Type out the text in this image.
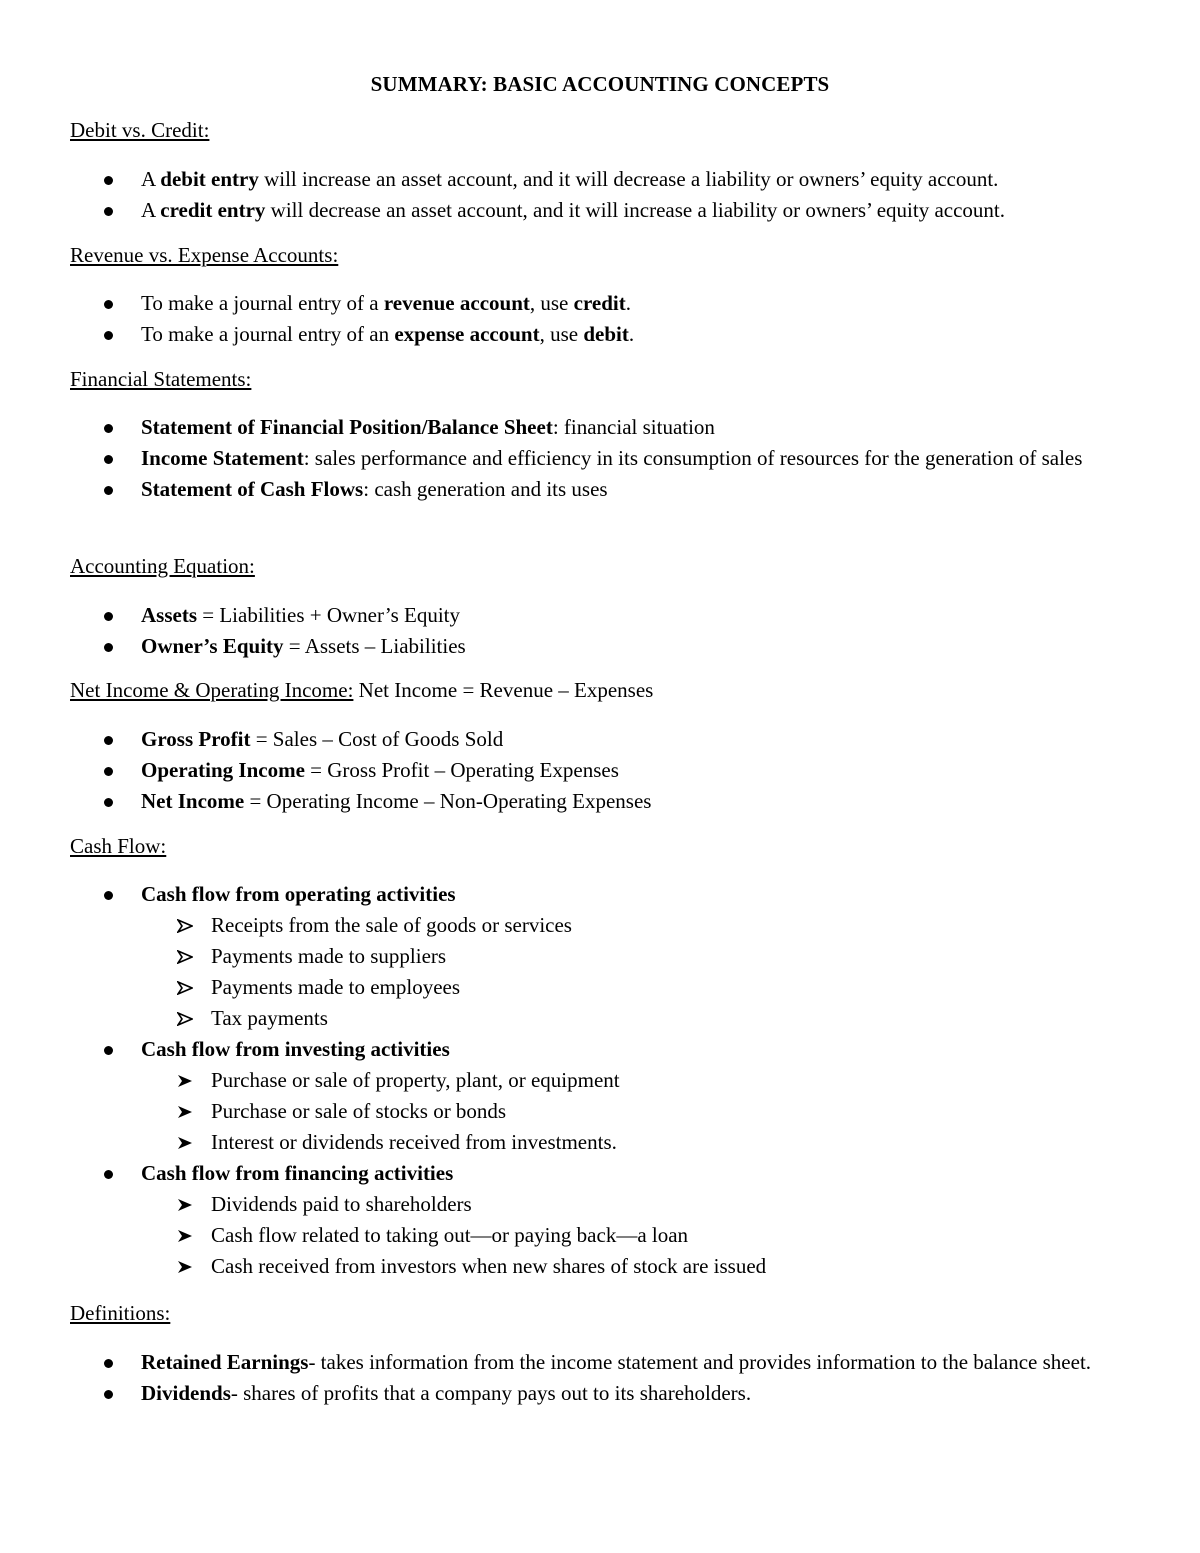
SUMMARY: BASIC ACCOUNTING CONCEPTS
Debit vs. Credit:
A debit entry will increase an asset account, and it will decrease a liability or owners’ equity account.
A credit entry will decrease an asset account, and it will increase a liability or owners’ equity account.
Revenue vs. Expense Accounts:
To make a journal entry of a revenue account, use credit.
To make a journal entry of an expense account, use debit.
Financial Statements:
Statement of Financial Position/Balance Sheet: financial situation
Income Statement: sales performance and efficiency in its consumption of resources for the generation of sales
Statement of Cash Flows: cash generation and its uses
Accounting Equation:
Assets = Liabilities + Owner’s Equity
Owner’s Equity = Assets – Liabilities
Net Income & Operating Income: Net Income = Revenue – Expenses
Gross Profit = Sales – Cost of Goods Sold
Operating Income = Gross Profit – Operating Expenses
Net Income = Operating Income – Non-Operating Expenses
Cash Flow:
Cash flow from operating activities
Receipts from the sale of goods or services
Payments made to suppliers
Payments made to employees
Tax payments
Cash flow from investing activities
Purchase or sale of property, plant, or equipment
Purchase or sale of stocks or bonds
Interest or dividends received from investments.
Cash flow from financing activities
Dividends paid to shareholders
Cash flow related to taking out—or paying back—a loan
Cash received from investors when new shares of stock are issued
Definitions:
Retained Earnings- takes information from the income statement and provides information to the balance sheet.
Dividends- shares of profits that a company pays out to its shareholders.
